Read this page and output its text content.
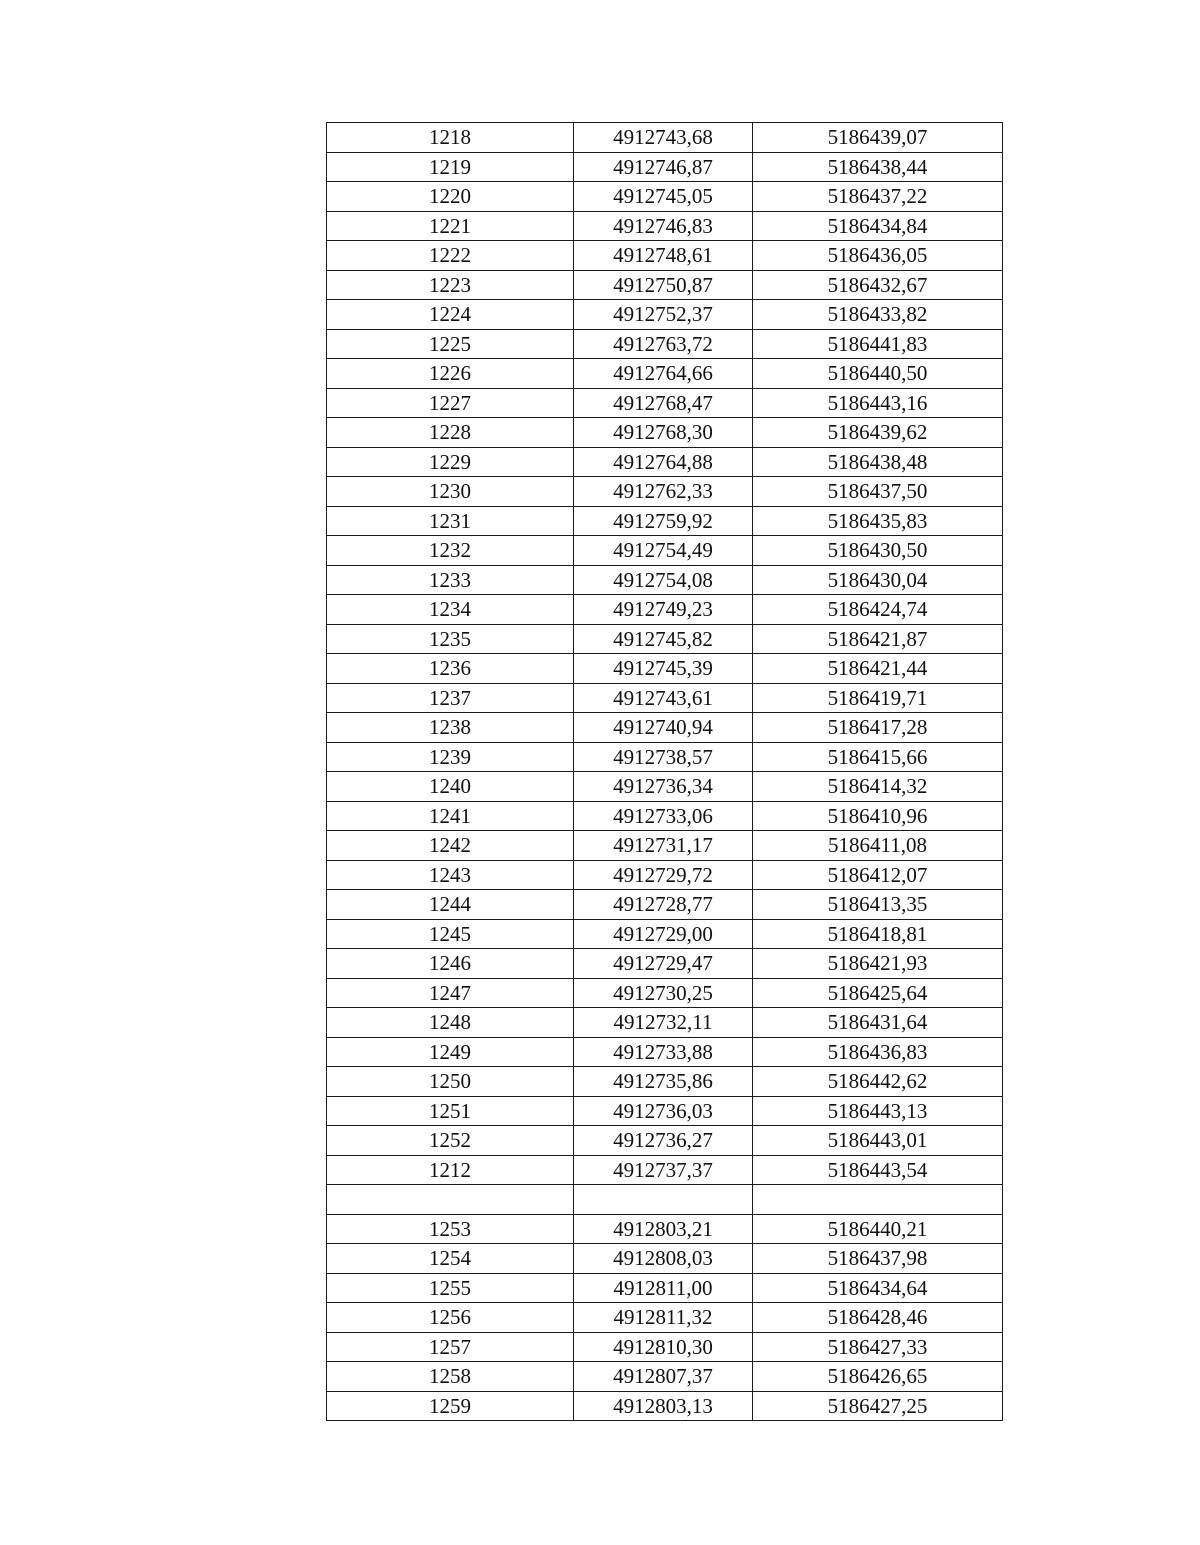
1218	4912743,68	5186439,07
1219	4912746,87	5186438,44
1220	4912745,05	5186437,22
1221	4912746,83	5186434,84
1222	4912748,61	5186436,05
1223	4912750,87	5186432,67
1224	4912752,37	5186433,82
1225	4912763,72	5186441,83
1226	4912764,66	5186440,50
1227	4912768,47	5186443,16
1228	4912768,30	5186439,62
1229	4912764,88	5186438,48
1230	4912762,33	5186437,50
1231	4912759,92	5186435,83
1232	4912754,49	5186430,50
1233	4912754,08	5186430,04
1234	4912749,23	5186424,74
1235	4912745,82	5186421,87
1236	4912745,39	5186421,44
1237	4912743,61	5186419,71
1238	4912740,94	5186417,28
1239	4912738,57	5186415,66
1240	4912736,34	5186414,32
1241	4912733,06	5186410,96
1242	4912731,17	5186411,08
1243	4912729,72	5186412,07
1244	4912728,77	5186413,35
1245	4912729,00	5186418,81
1246	4912729,47	5186421,93
1247	4912730,25	5186425,64
1248	4912732,11	5186431,64
1249	4912733,88	5186436,83
1250	4912735,86	5186442,62
1251	4912736,03	5186443,13
1252	4912736,27	5186443,01
1212	4912737,37	5186443,54

1253	4912803,21	5186440,21
1254	4912808,03	5186437,98
1255	4912811,00	5186434,64
1256	4912811,32	5186428,46
1257	4912810,30	5186427,33
1258	4912807,37	5186426,65
1259	4912803,13	5186427,25
